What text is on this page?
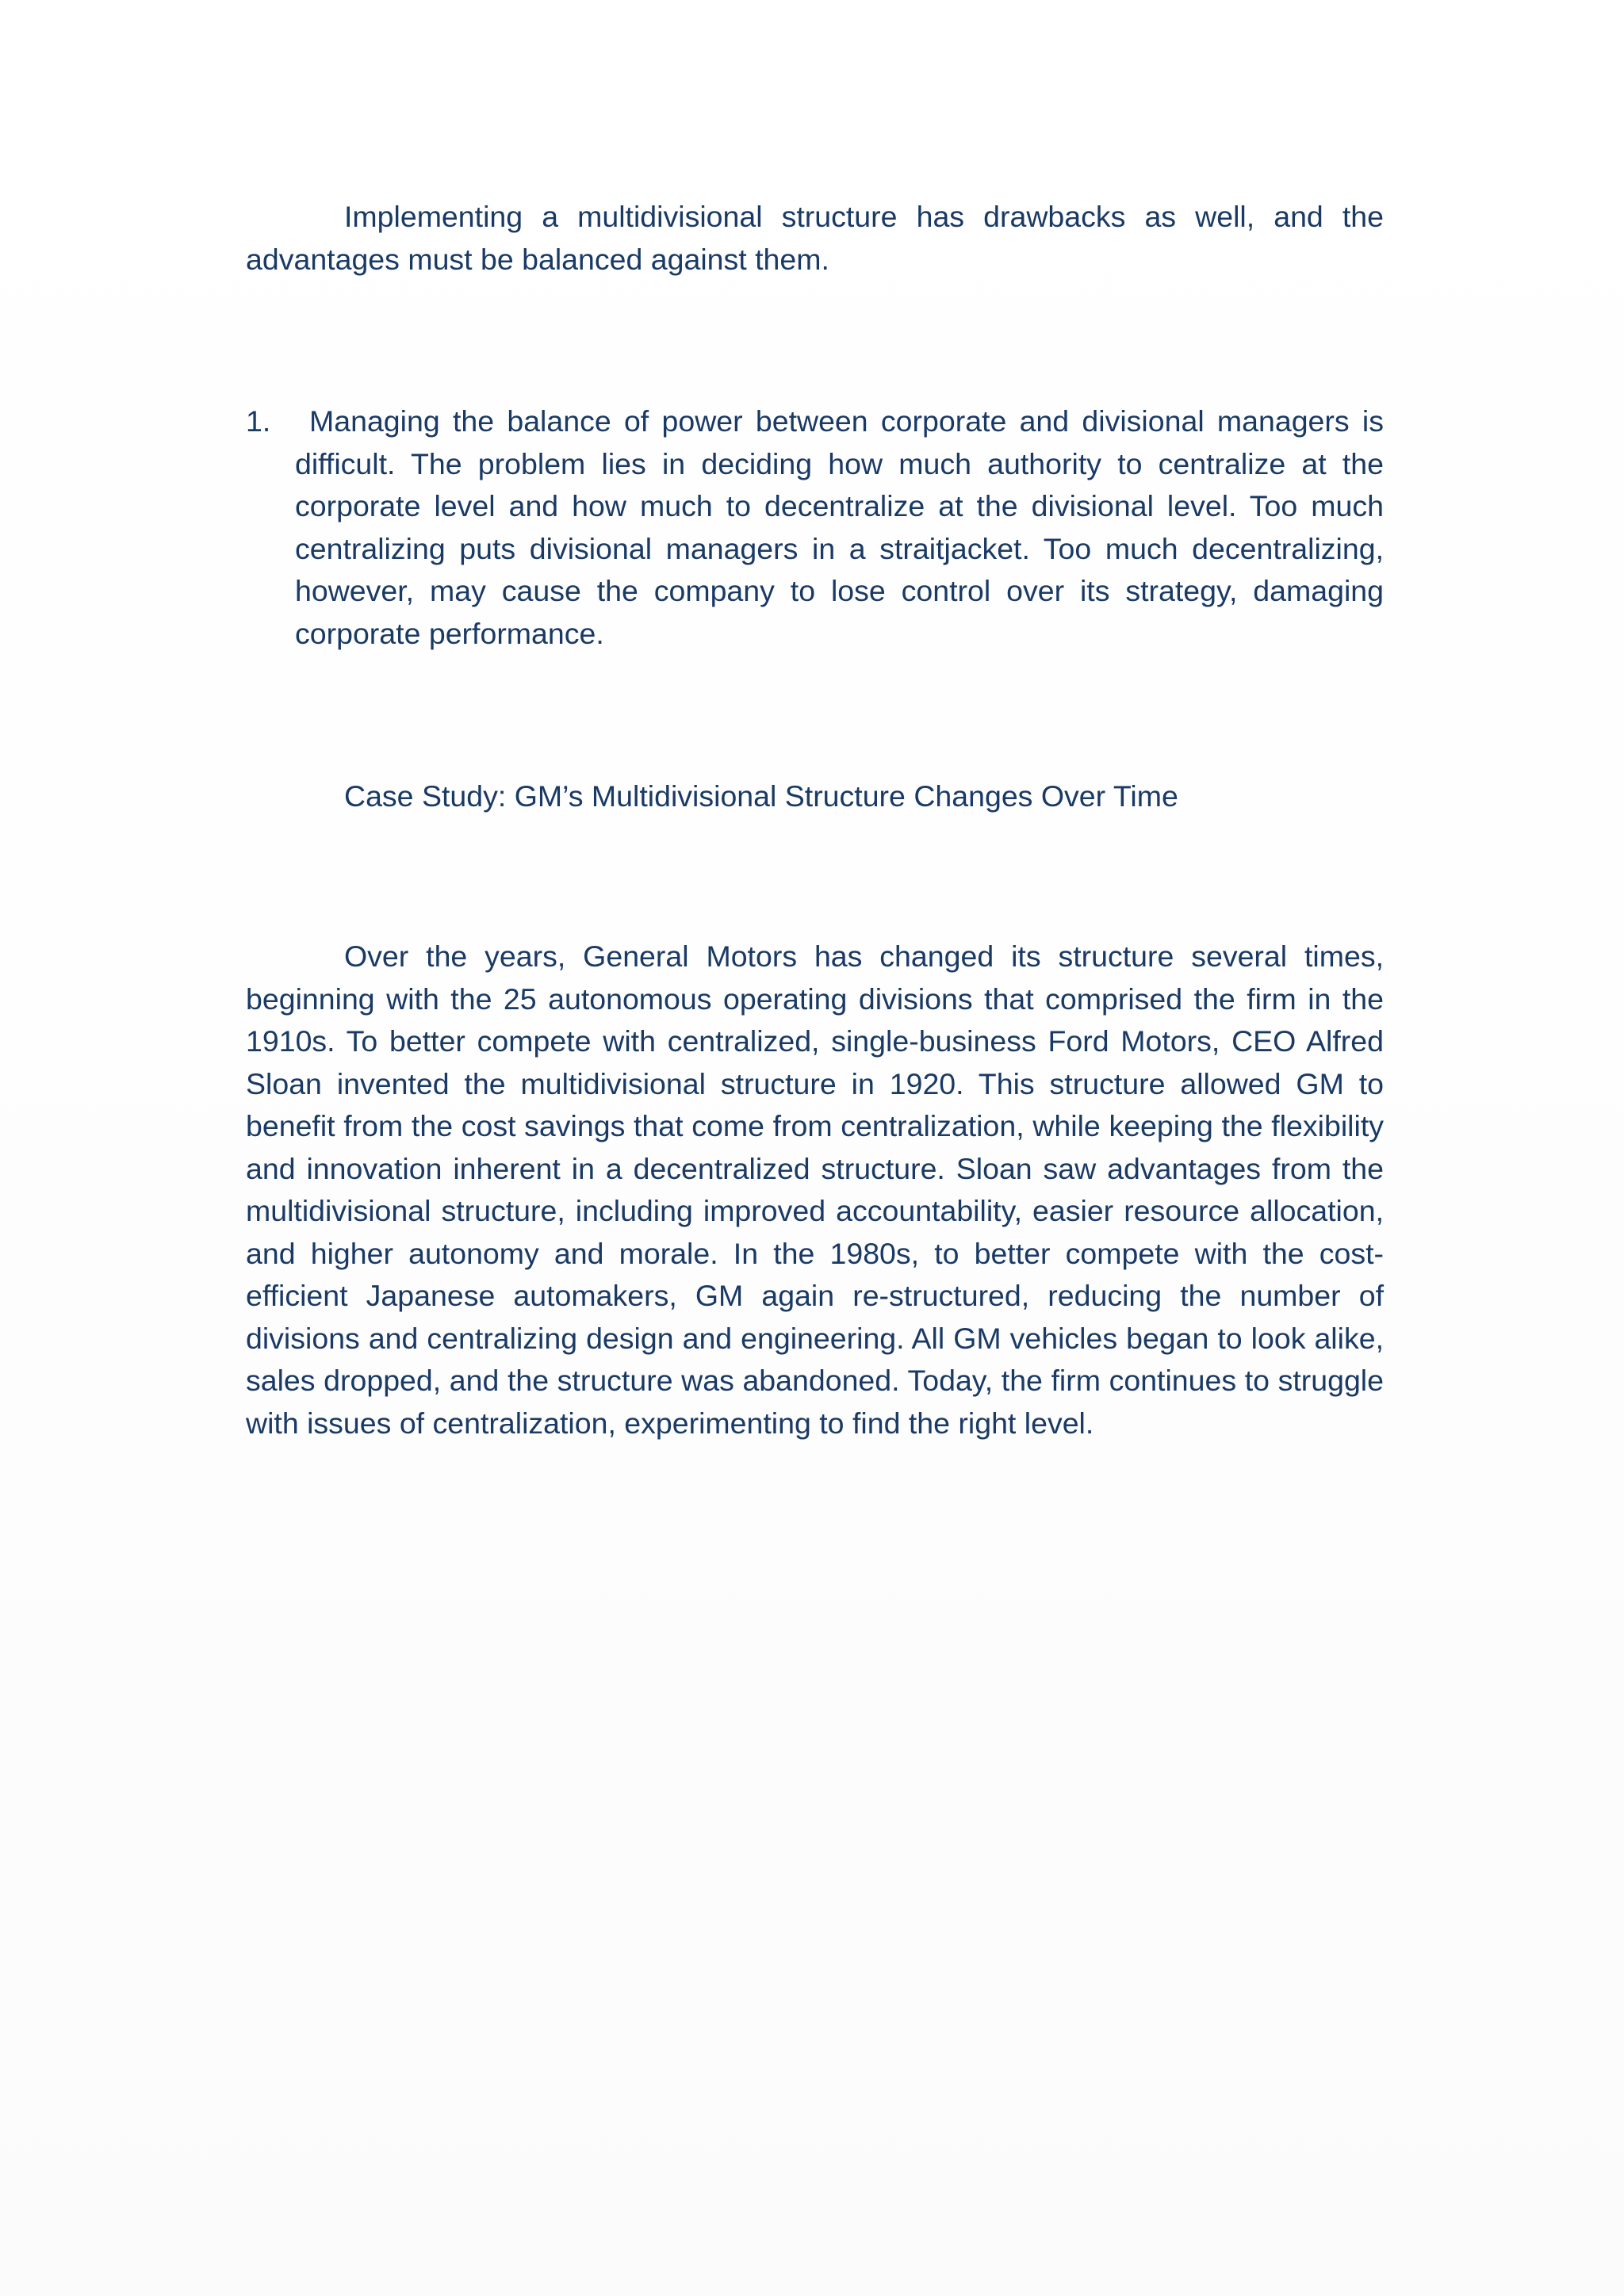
Implementing a multidivisional structure has drawbacks as well, and the advantages must be balanced against them.

1.	Managing the balance of power between corporate and divisional managers is difficult. The problem lies in deciding how much authority to centralize at the corporate level and how much to decentralize at the divisional level. Too much centralizing puts divisional managers in a straitjacket. Too much decentralizing, however, may cause the company to lose control over its strategy, damaging corporate performance.

Case Study: GM’s Multidivisional Structure Changes Over Time

Over the years, General Motors has changed its structure several times, beginning with the 25 autonomous operating divisions that comprised the firm in the 1910s. To better compete with centralized, single-business Ford Motors, CEO Alfred Sloan invented the multidivisional structure in 1920. This structure allowed GM to benefit from the cost savings that come from centralization, while keeping the flexibility and innovation inherent in a decentralized structure. Sloan saw advantages from the multidivisional structure, including improved accountability, easier resource allocation, and higher autonomy and morale. In the 1980s, to better compete with the cost-efficient Japanese automakers, GM again re-structured, reducing the number of divisions and centralizing design and engineering. All GM vehicles began to look alike, sales dropped, and the structure was abandoned. Today, the firm continues to struggle with issues of centralization, experimenting to find the right level.
